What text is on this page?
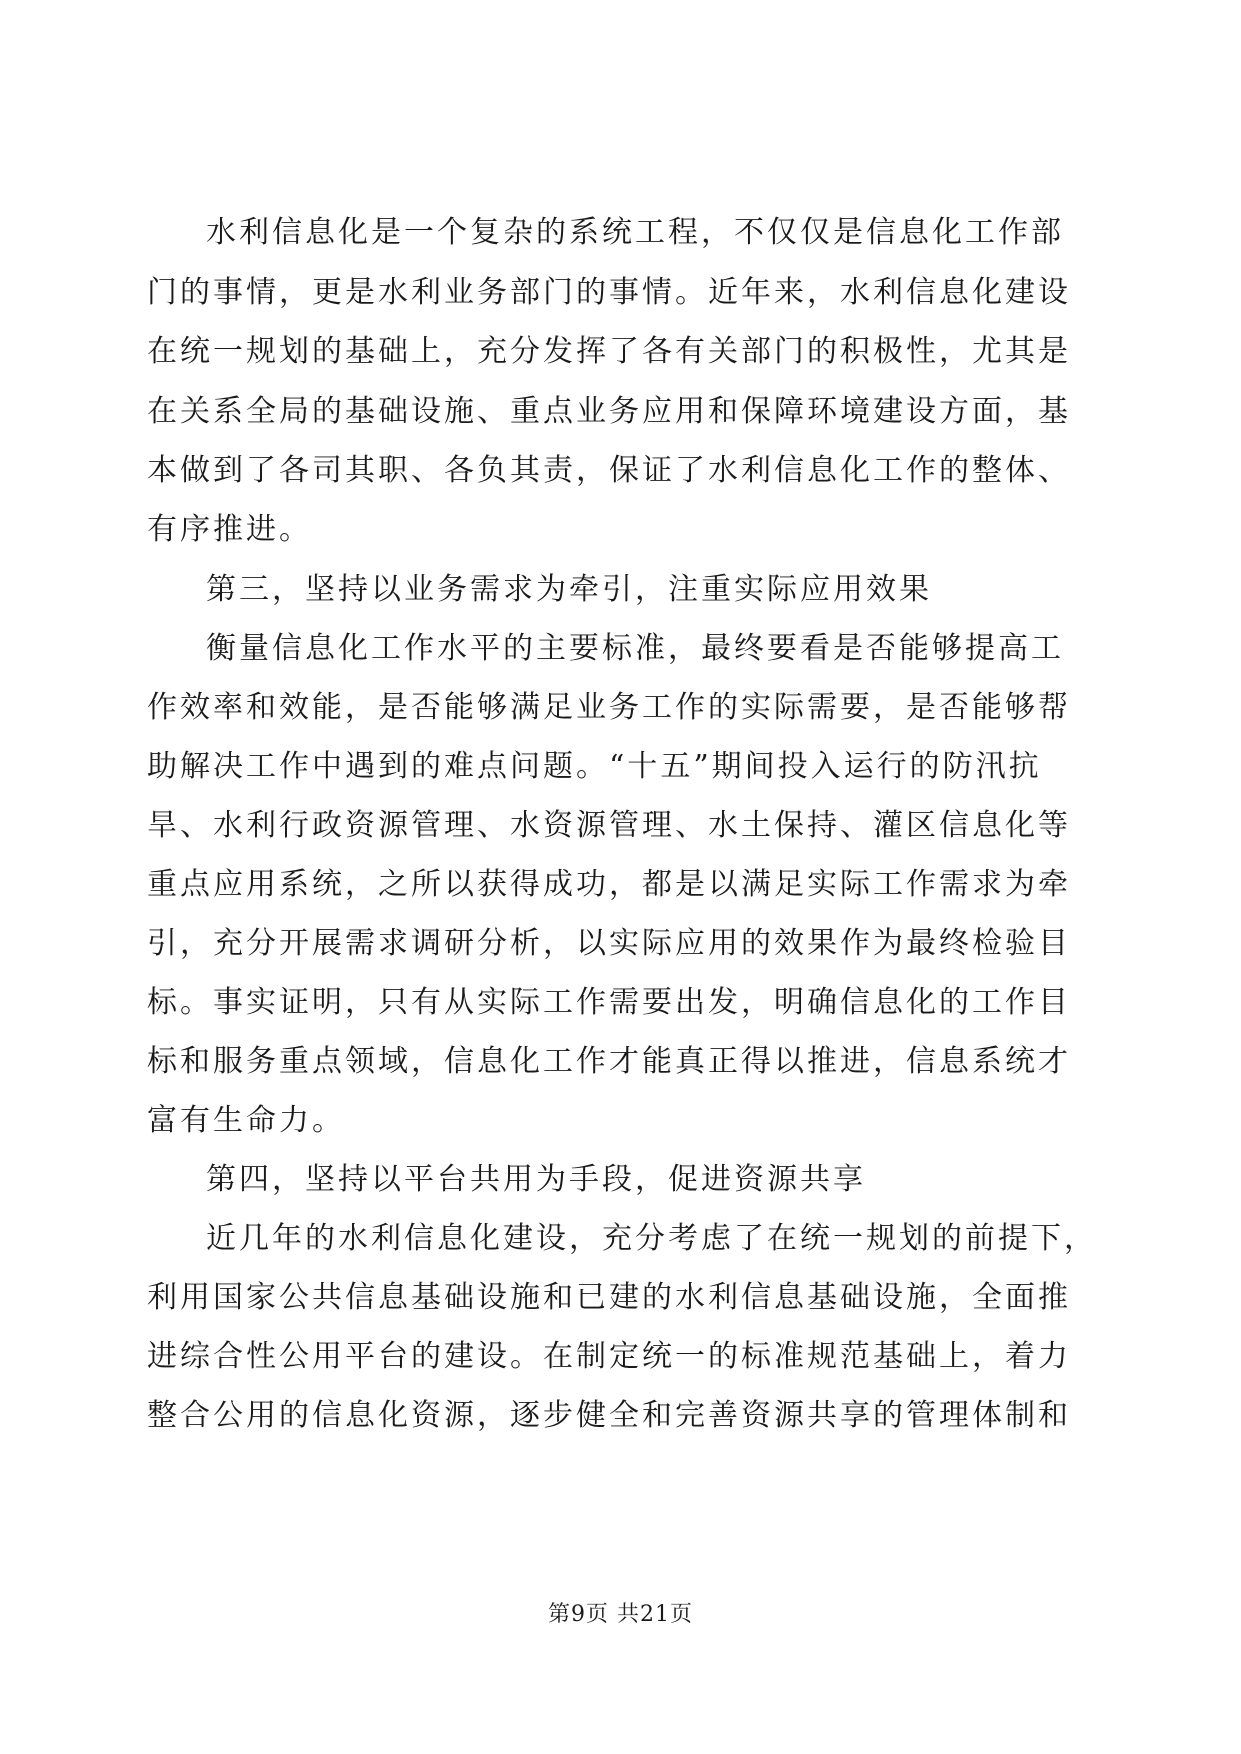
水利信息化是一个复杂的系统工程，不仅仅是信息化工作部
门的事情，更是水利业务部门的事情。近年来，水利信息化建设
在统一规划的基础上，充分发挥了各有关部门的积极性，尤其是
在关系全局的基础设施、重点业务应用和保障环境建设方面，基
本做到了各司其职、各负其责，保证了水利信息化工作的整体、
有序推进。
第三，坚持以业务需求为牵引，注重实际应用效果
衡量信息化工作水平的主要标准，最终要看是否能够提高工
作效率和效能，是否能够满足业务工作的实际需要，是否能够帮
助解决工作中遇到的难点问题。“十五”期间投入运行的防汛抗
旱、水利行政资源管理、水资源管理、水土保持、灌区信息化等
重点应用系统，之所以获得成功，都是以满足实际工作需求为牵
引，充分开展需求调研分析，以实际应用的效果作为最终检验目
标。事实证明，只有从实际工作需要出发，明确信息化的工作目
标和服务重点领域，信息化工作才能真正得以推进，信息系统才
富有生命力。
第四，坚持以平台共用为手段，促进资源共享
近几年的水利信息化建设，充分考虑了在统一规划的前提下，
利用国家公共信息基础设施和已建的水利信息基础设施，全面推
进综合性公用平台的建设。在制定统一的标准规范基础上，着力
整合公用的信息化资源，逐步健全和完善资源共享的管理体制和
第9页 共21页
